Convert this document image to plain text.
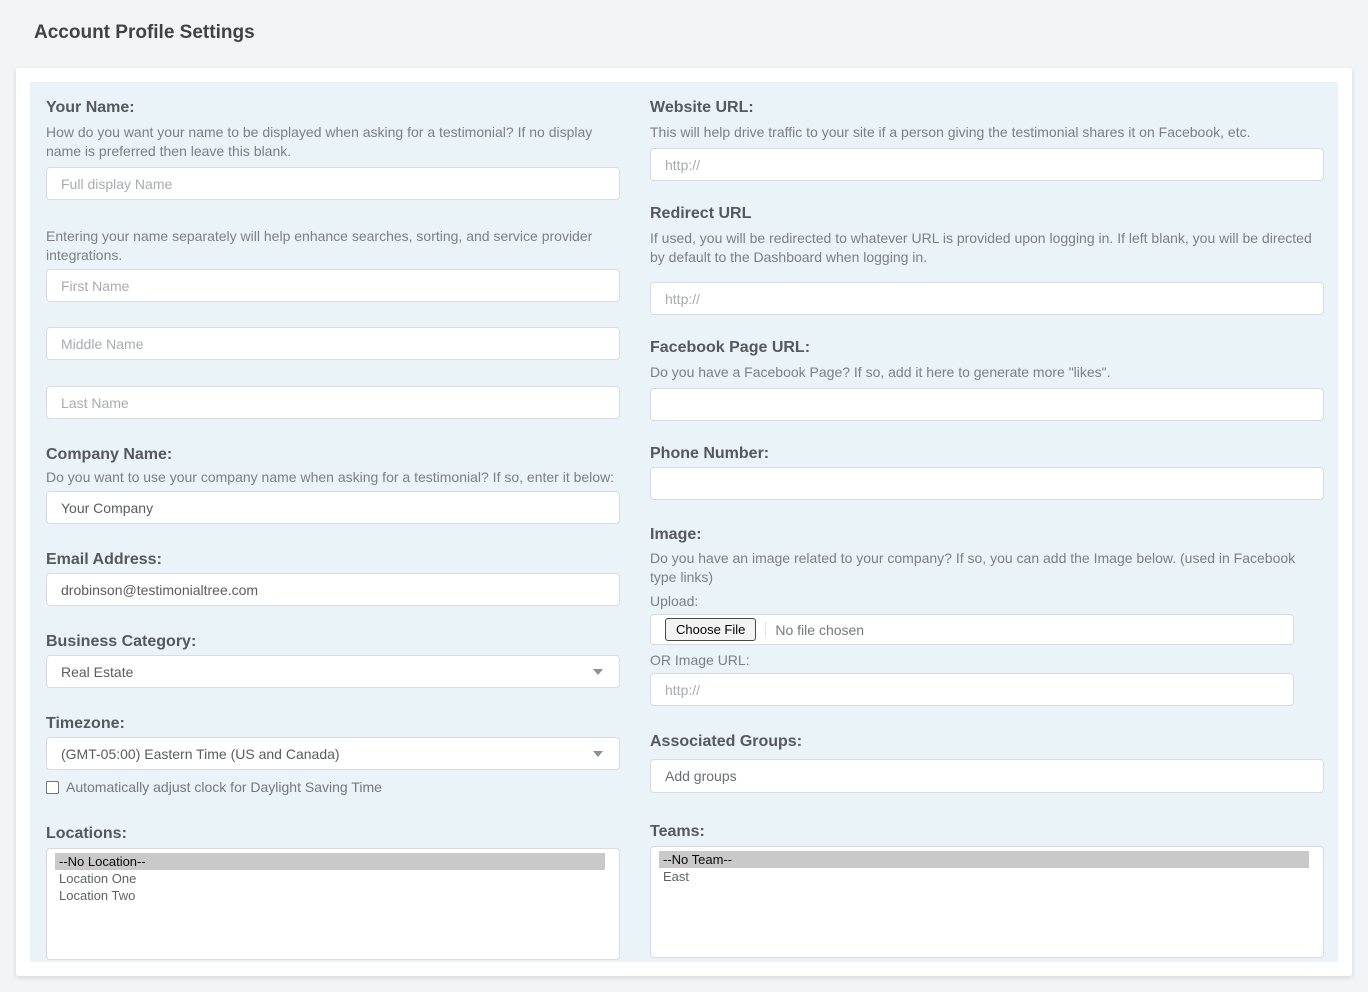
Account Profile Settings
Your Name:
How do you want your name to be displayed when asking for a testimonial? If no display name is preferred then leave this blank.
Full display Name
Entering your name separately will help enhance searches, sorting, and service provider integrations.
First Name
Middle Name
Last Name
Company Name:
Do you want to use your company name when asking for a testimonial? If so, enter it below:
Your Company
Email Address:
drobinson@testimonialtree.com
Business Category:
Real Estate
Timezone:
(GMT-05:00) Eastern Time (US and Canada)
Automatically adjust clock for Daylight Saving Time
Locations:
--No Location--
Location One
Location Two
Website URL:
This will help drive traffic to your site if a person giving the testimonial shares it on Facebook, etc.
http://
Redirect URL
If used, you will be redirected to whatever URL is provided upon logging in. If left blank, you will be directed by default to the Dashboard when logging in.
http://
Facebook Page URL:
Do you have a Facebook Page? If so, add it here to generate more "likes".
Phone Number:
Image:
Do you have an image related to your company? If so, you can add the Image below. (used in Facebook type links)
Upload:
Choose File	No file chosen
OR Image URL:
http://
Associated Groups:
Add groups
Teams:
--No Team--
East
